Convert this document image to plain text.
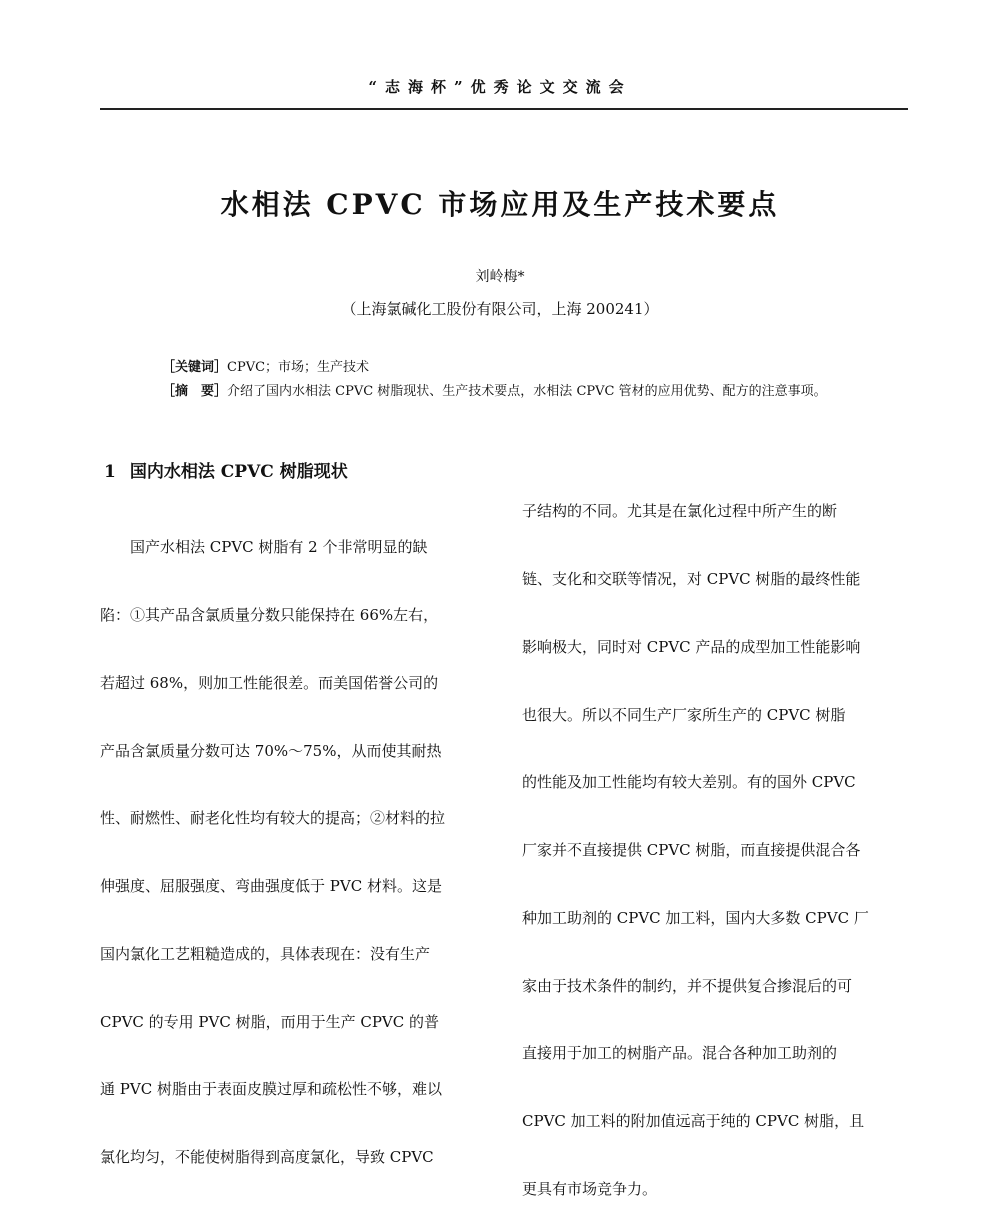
“志海杯”优秀论文交流会
水相法 CPVC 市场应用及生产技术要点
刘岭梅*
（上海氯碱化工股份有限公司，上海 200241）
［关键词］CPVC；市场；生产技术
［摘　要］介绍了国内水相法 CPVC 树脂现状、生产技术要点，水相法 CPVC 管材的应用优势、配方的注意事项。
1 国内水相法 CPVC 树脂现状

　　国产水相法 CPVC 树脂有 2 个非常明显的缺

陷：①其产品含氯质量分数只能保持在 66%左右，

若超过 68%，则加工性能很差。而美国偌誉公司的

产品含氯质量分数可达 70%～75%，从而使其耐热

性、耐燃性、耐老化性均有较大的提高；②材料的拉

伸强度、屈服强度、弯曲强度低于 PVC 材料。这是

国内氯化工艺粗糙造成的，具体表现在：没有生产

CPVC 的专用 PVC 树脂，而用于生产 CPVC 的普

通 PVC 树脂由于表面皮膜过厚和疏松性不够，难以

氯化均匀，不能使树脂得到高度氯化，导致 CPVC

子结构的不同。尤其是在氯化过程中所产生的断

链、支化和交联等情况，对 CPVC 树脂的最终性能

影响极大，同时对 CPVC 产品的成型加工性能影响

也很大。所以不同生产厂家所生产的 CPVC 树脂

的性能及加工性能均有较大差别。有的国外 CPVC

厂家并不直接提供 CPVC 树脂，而直接提供混合各

种加工助剂的 CPVC 加工料，国内大多数 CPVC 厂

家由于技术条件的制约，并不提供复合掺混后的可

直接用于加工的树脂产品。混合各种加工助剂的

CPVC 加工料的附加值远高于纯的 CPVC 树脂，且

更具有市场竞争力。
